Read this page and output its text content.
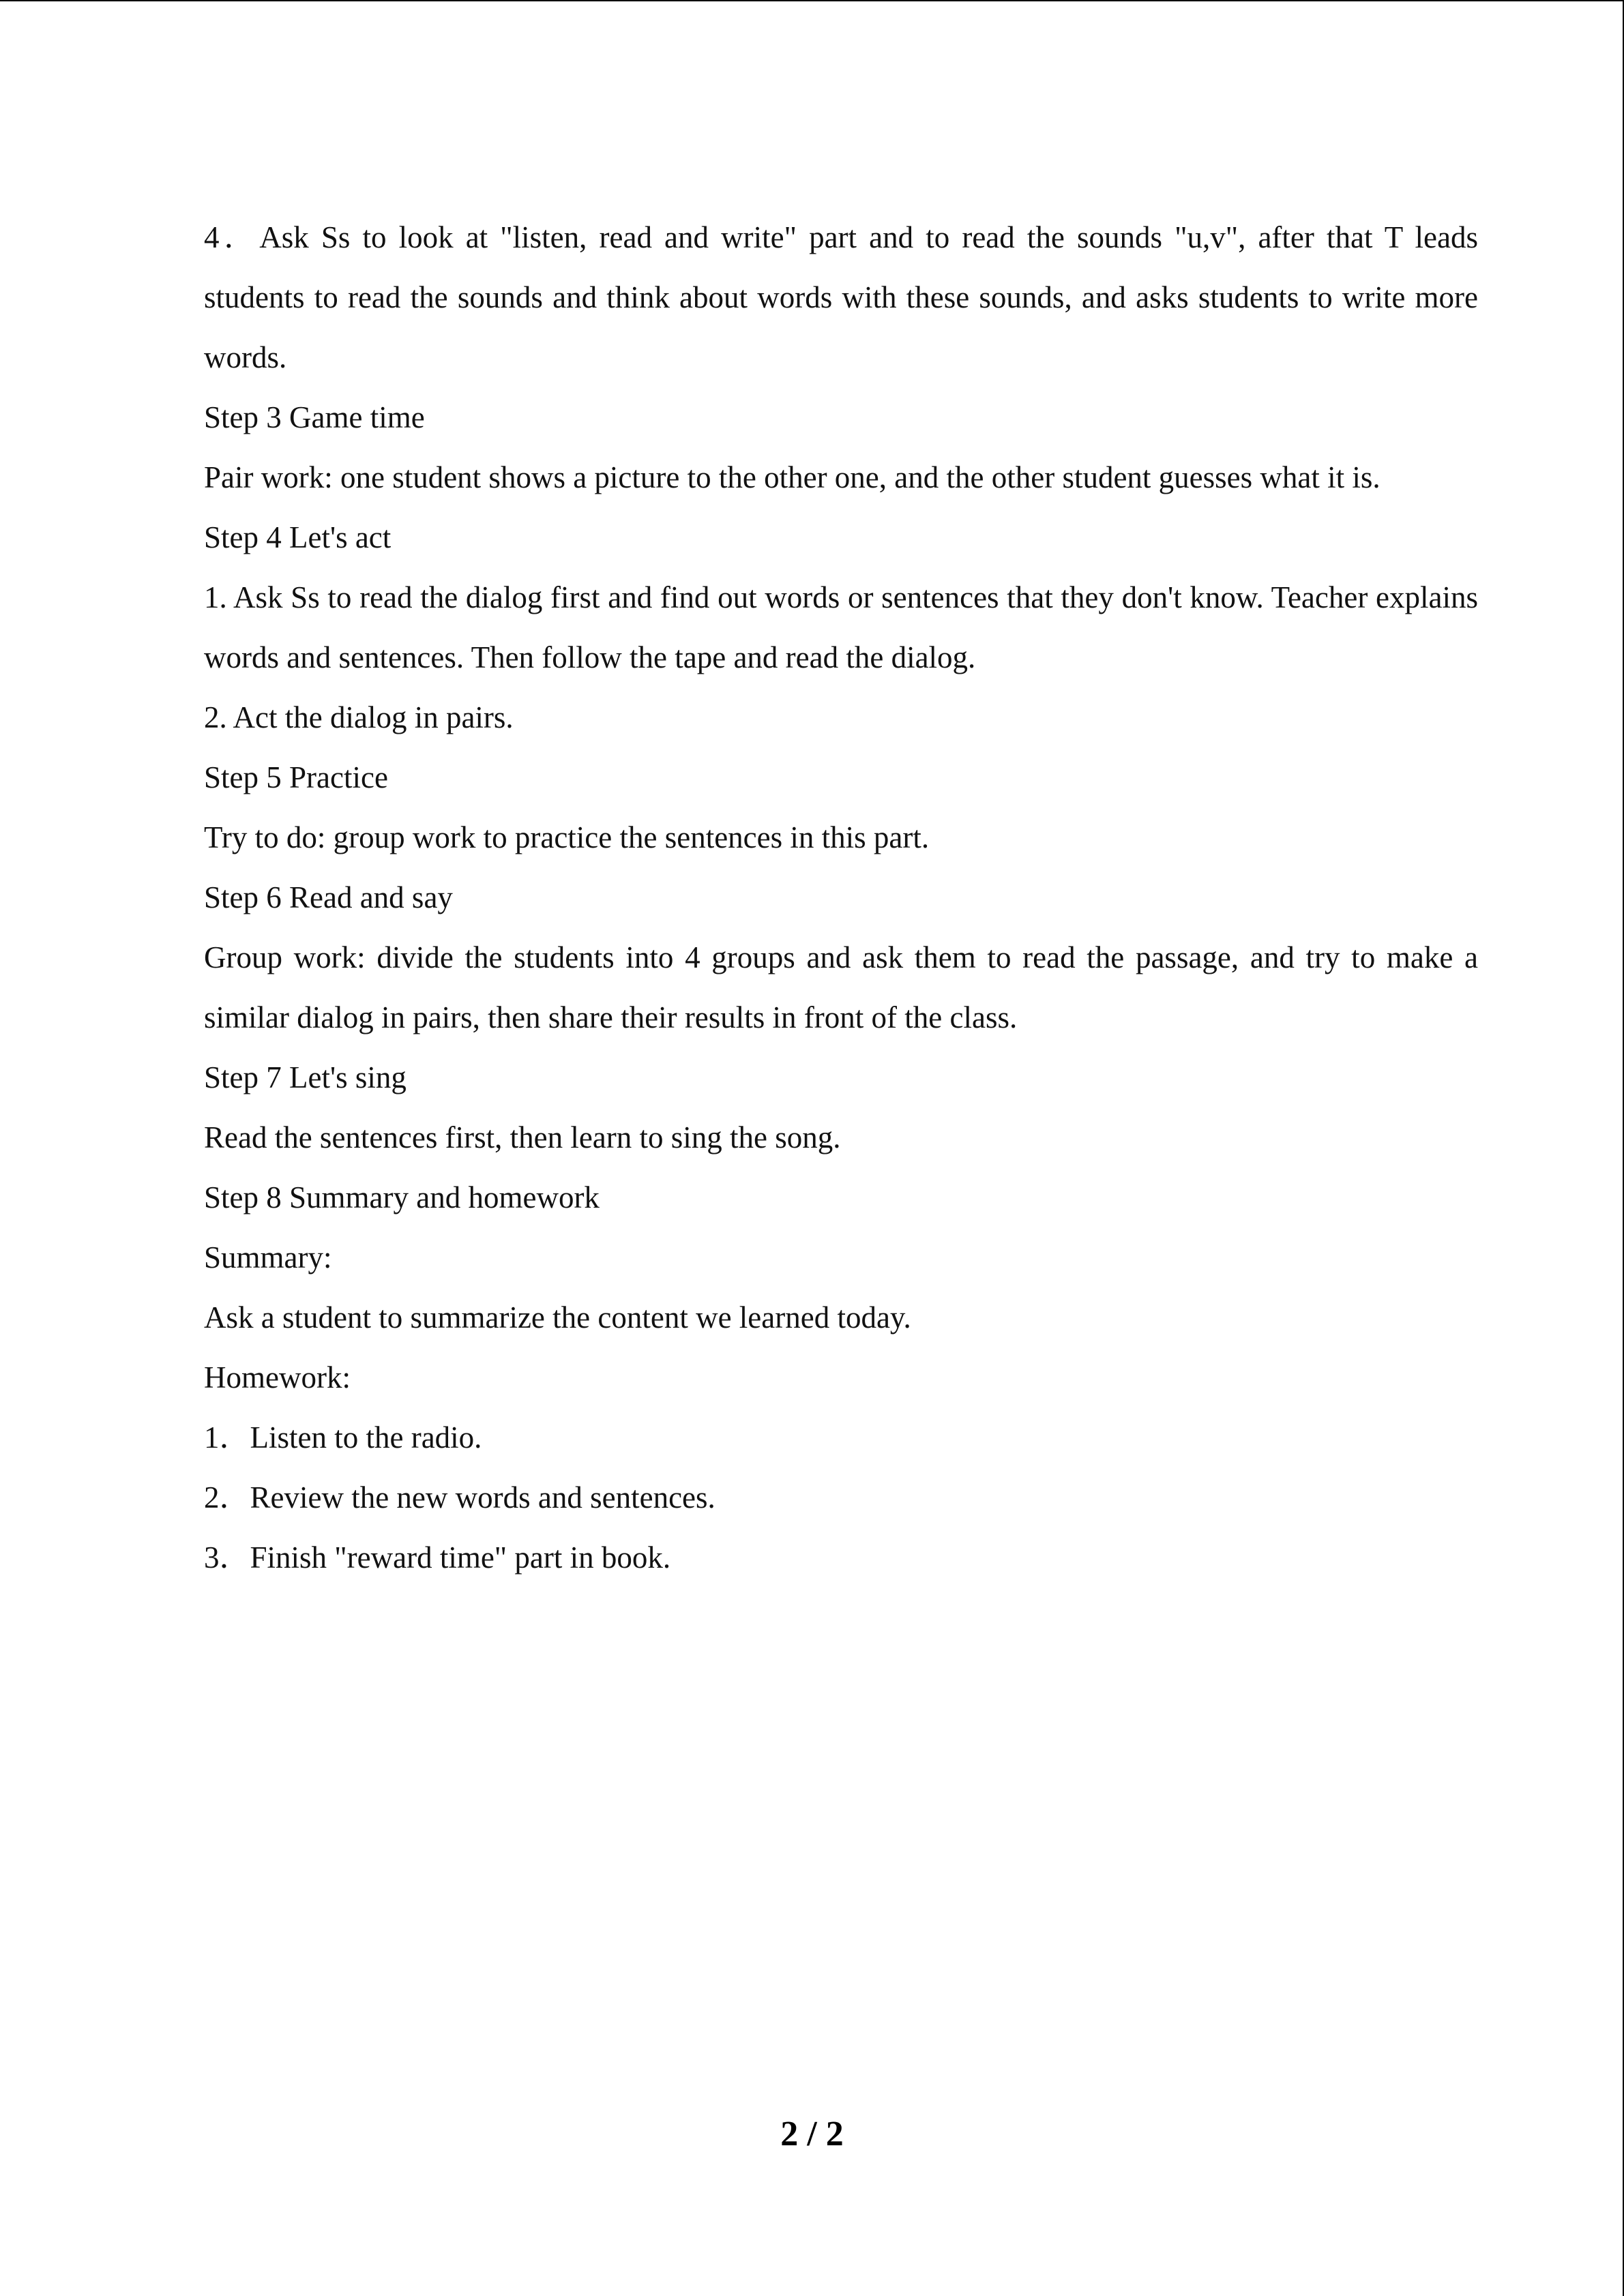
4．Ask Ss to look at "listen, read and write" part and to read the sounds "u,v", after that T leads students to read the sounds and think about words with these sounds, and asks students to write more words.

Step 3 Game time

Pair work: one student shows a picture to the other one, and the other student guesses what it is.

Step 4 Let's act

1. Ask Ss to read the dialog first and find out words or sentences that they don't know. Teacher explains words and sentences. Then follow the tape and read the dialog.

2. Act the dialog in pairs.

Step 5 Practice

Try to do: group work to practice the sentences in this part.

Step 6 Read and say

Group work: divide the students into 4 groups and ask them to read the passage, and try to make a similar dialog in pairs, then share their results in front of the class.

Step 7 Let's sing

Read the sentences first, then learn to sing the song.

Step 8 Summary and homework

Summary:

Ask a student to summarize the content we learned today.

Homework:

1．Listen to the radio.

2．Review the new words and sentences.

3．Finish "reward time" part in book.

2 / 2
